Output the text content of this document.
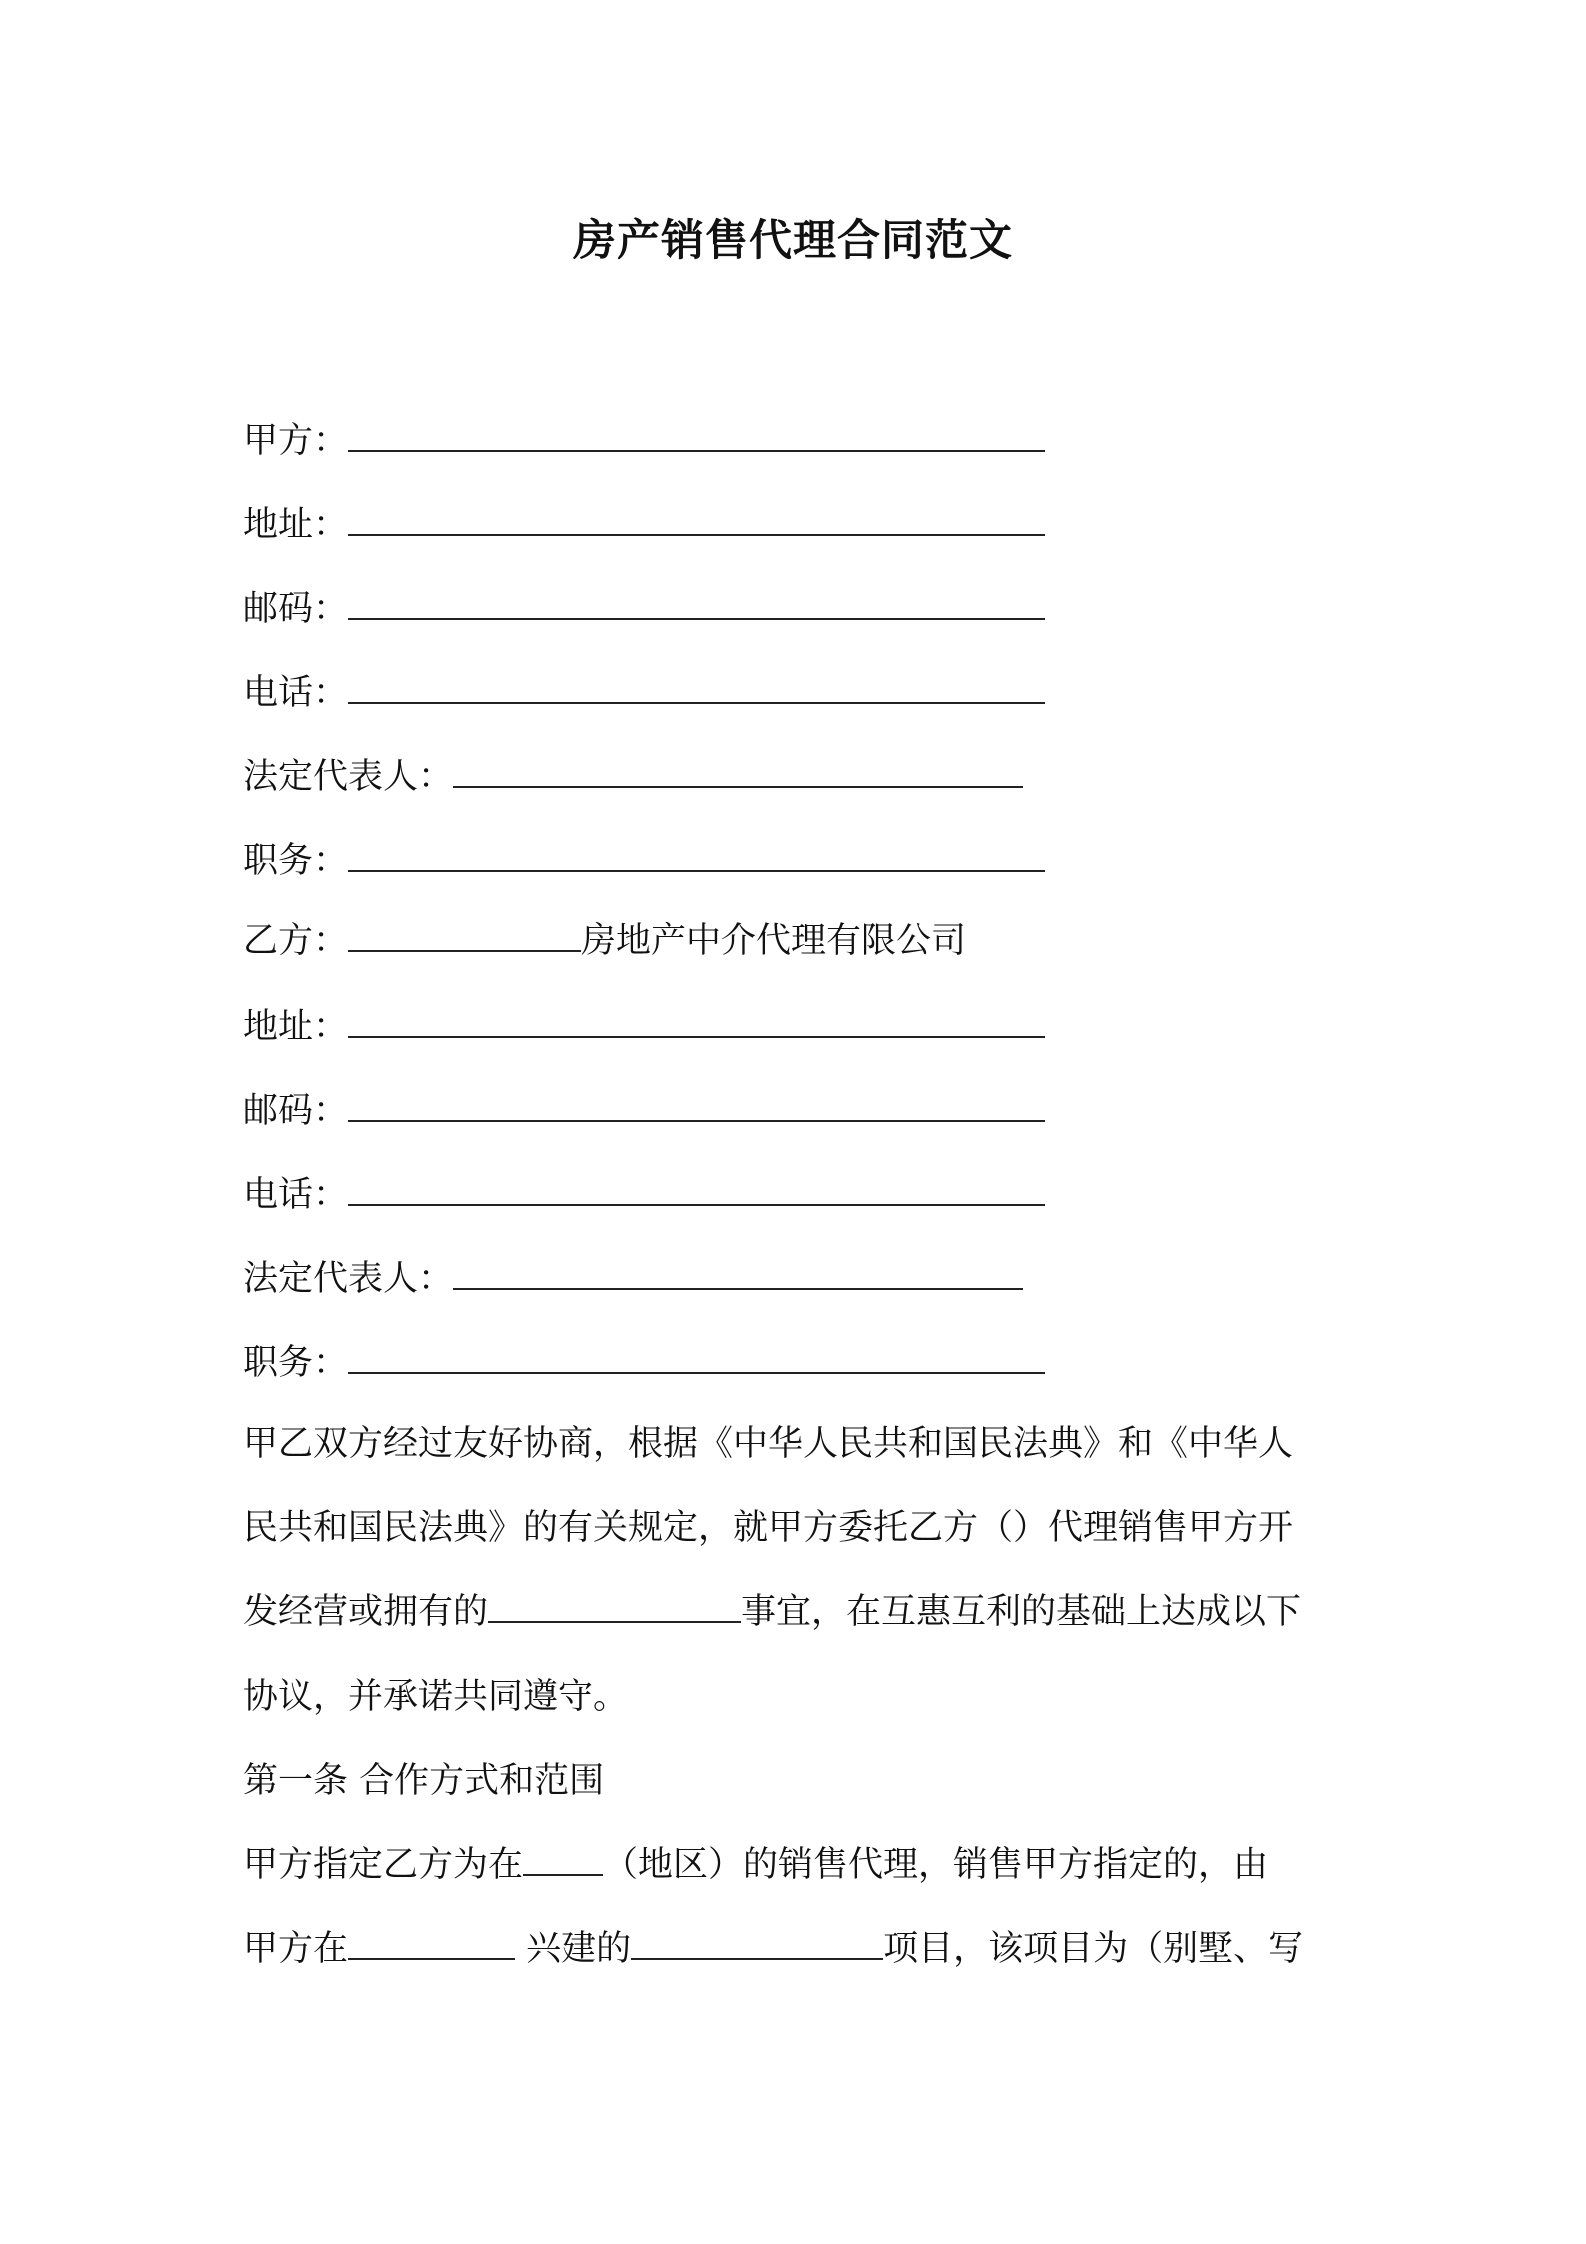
房产销售代理合同范文
甲方：
地址：
邮码：
电话：
法定代表人：
职务：
乙方：	房地产中介代理有限公司
地址：
邮码：
电话：
法定代表人：
职务：
甲乙双方经过友好协商，根据《中华人民共和国民法典》和《中华人
民共和国民法典》的有关规定，就甲方委托乙方（）代理销售甲方开
发经营或拥有的	事宜，在互惠互利的基础上达成以下
协议，并承诺共同遵守。
第一条 合作方式和范围
甲方指定乙方为在 （地区）的销售代理，销售甲方指定的，由
甲方在	兴建的	项目，该项目为（别墅、写
